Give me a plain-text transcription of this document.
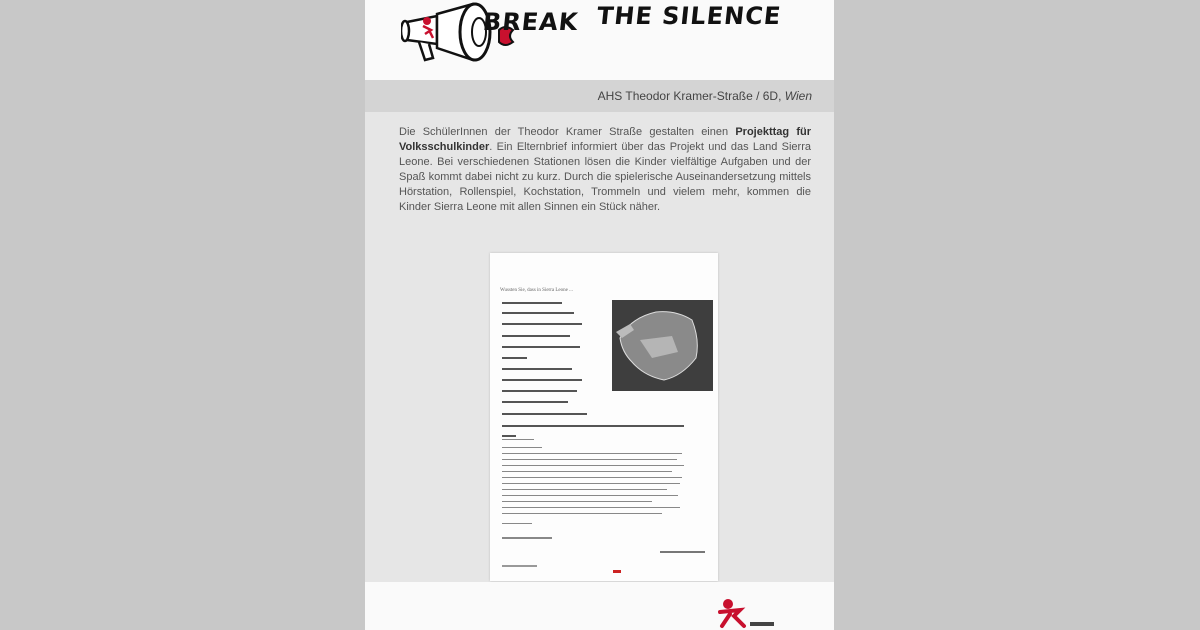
BREAK THE SILENCE
AHS Theodor Kramer-Straße / 6D, Wien
Die SchülerInnen der Theodor Kramer Straße gestalten einen Projekttag für Volksschulkinder. Ein Elternbrief informiert über das Projekt und das Land Sierra Leone. Bei verschiedenen Stationen lösen die Kinder vielfältige Aufgaben und der Spaß kommt dabei nicht zu kurz. Durch die spielerische Auseinandersetzung mittels Hörstation, Rollenspiel, Kochstation, Trommeln und vielem mehr, kommen die Kinder Sierra Leone mit allen Sinnen ein Stück näher.
Wussten Sie, dass in Sierra Leone ...
